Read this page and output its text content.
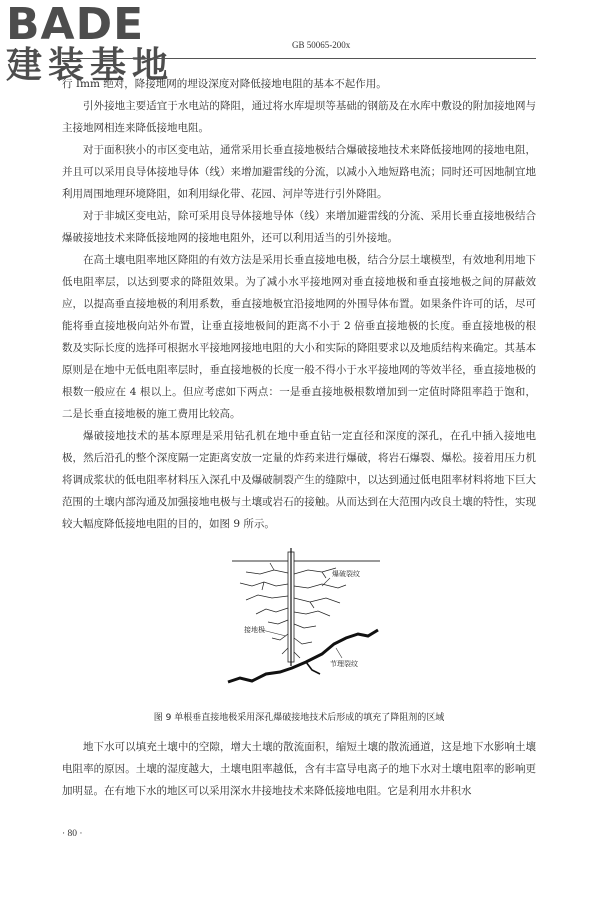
BADE
建装基地	GB 50065-200x

行 Imm 绝对，降接地网的埋设深度对降低接地电阻的基本不起作用。

引外接地主要适宜于水电站的降阻，通过将水库堤坝等基础的钢筋及在水库中敷设的附加接地网与主接地网相连来降低接地电阻。

对于面积狭小的市区变电站，通常采用长垂直接地极结合爆破接地技术来降低接地网的接地电阻，并且可以采用良导体接地导体（线）来增加避雷线的分流，以减小入地短路电流；同时还可因地制宜地利用周围地理环境降阻，如利用绿化带、花园、河岸等进行引外降阻。

对于非城区变电站，除可采用良导体接地导体（线）来增加避雷线的分流、采用长垂直接地极结合爆破接地技术来降低接地网的接地电阻外，还可以利用适当的引外接地。

在高土壤电阻率地区降阻的有效方法是采用长垂直接地电极，结合分层土壤模型，有效地利用地下低电阻率层，以达到要求的降阻效果。为了减小水平接地网对垂直接地极和垂直接地极之间的屏蔽效应，以提高垂直接地极的利用系数，垂直接地极宜沿接地网的外围导体布置。如果条件许可的话，尽可能将垂直接地极向站外布置，让垂直接地极间的距离不小于 2 倍垂直接地极的长度。垂直接地极的根数及实际长度的选择可根据水平接地网接地电阻的大小和实际的降阻要求以及地质结构来确定。其基本原则是在地中无低电阻率层时，垂直接地极的长度一般不得小于水平接地网的等效半径，垂直接地极的根数一般应在 4 根以上。但应考虑如下两点：一是垂直接地极根数增加到一定值时降阻率趋于饱和，二是长垂直接地极的施工费用比较高。

爆破接地技术的基本原理是采用钻孔机在地中垂直钻一定直径和深度的深孔，在孔中插入接地电极，然后沿孔的整个深度隔一定距离安放一定量的炸药来进行爆破，将岩石爆裂、爆松。接着用压力机将调成浆状的低电阻率材料压入深孔中及爆破制裂产生的缝隙中，以达到通过低电阻率材料将地下巨大范围的土壤内部沟通及加强接地电极与土壤或岩石的接触。从而达到在大范围内改良土壤的特性，实现较大幅度降低接地电阻的目的，如图 9 所示。

爆破裂纹
接地极
节理裂纹
图 9 单根垂直接地极采用深孔爆破接地技术后形成的填充了降阻剂的区域

地下水可以填充土壤中的空隙，增大土壤的散流面积，缩短土壤的散流通道，这是地下水影响土壤电阻率的原因。土壤的湿度越大，土壤电阻率越低，含有丰富导电离子的地下水对土壤电阻率的影响更加明显。在有地下水的地区可以采用深水井接地技术来降低接地电阻。它是利用水井积水

· 80 ·
